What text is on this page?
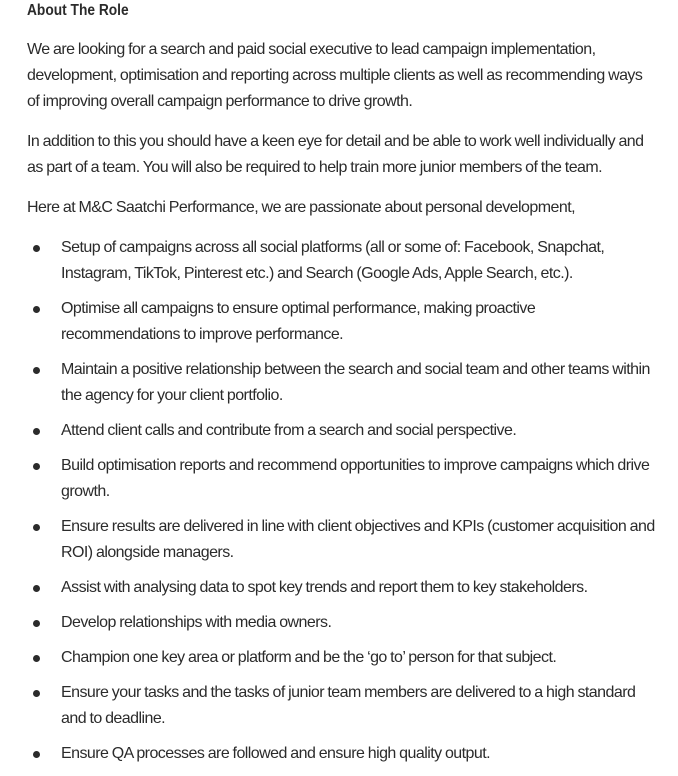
About The Role

We are looking for a search and paid social executive to lead campaign implementation, development, optimisation and reporting across multiple clients as well as recommending ways of improving overall campaign performance to drive growth.

In addition to this you should have a keen eye for detail and be able to work well individually and as part of a team. You will also be required to help train more junior members of the team.

Here at M&C Saatchi Performance, we are passionate about personal development,

Setup of campaigns across all social platforms (all or some of: Facebook, Snapchat, Instagram, TikTok, Pinterest etc.) and Search (Google Ads, Apple Search, etc.).
Optimise all campaigns to ensure optimal performance, making proactive recommendations to improve performance.
Maintain a positive relationship between the search and social team and other teams within the agency for your client portfolio.
Attend client calls and contribute from a search and social perspective.
Build optimisation reports and recommend opportunities to improve campaigns which drive growth.
Ensure results are delivered in line with client objectives and KPIs (customer acquisition and ROI) alongside managers.
Assist with analysing data to spot key trends and report them to key stakeholders.
Develop relationships with media owners.
Champion one key area or platform and be the ‘go to’ person for that subject.
Ensure your tasks and the tasks of junior team members are delivered to a high standard and to deadline.
Ensure QA processes are followed and ensure high quality output.
